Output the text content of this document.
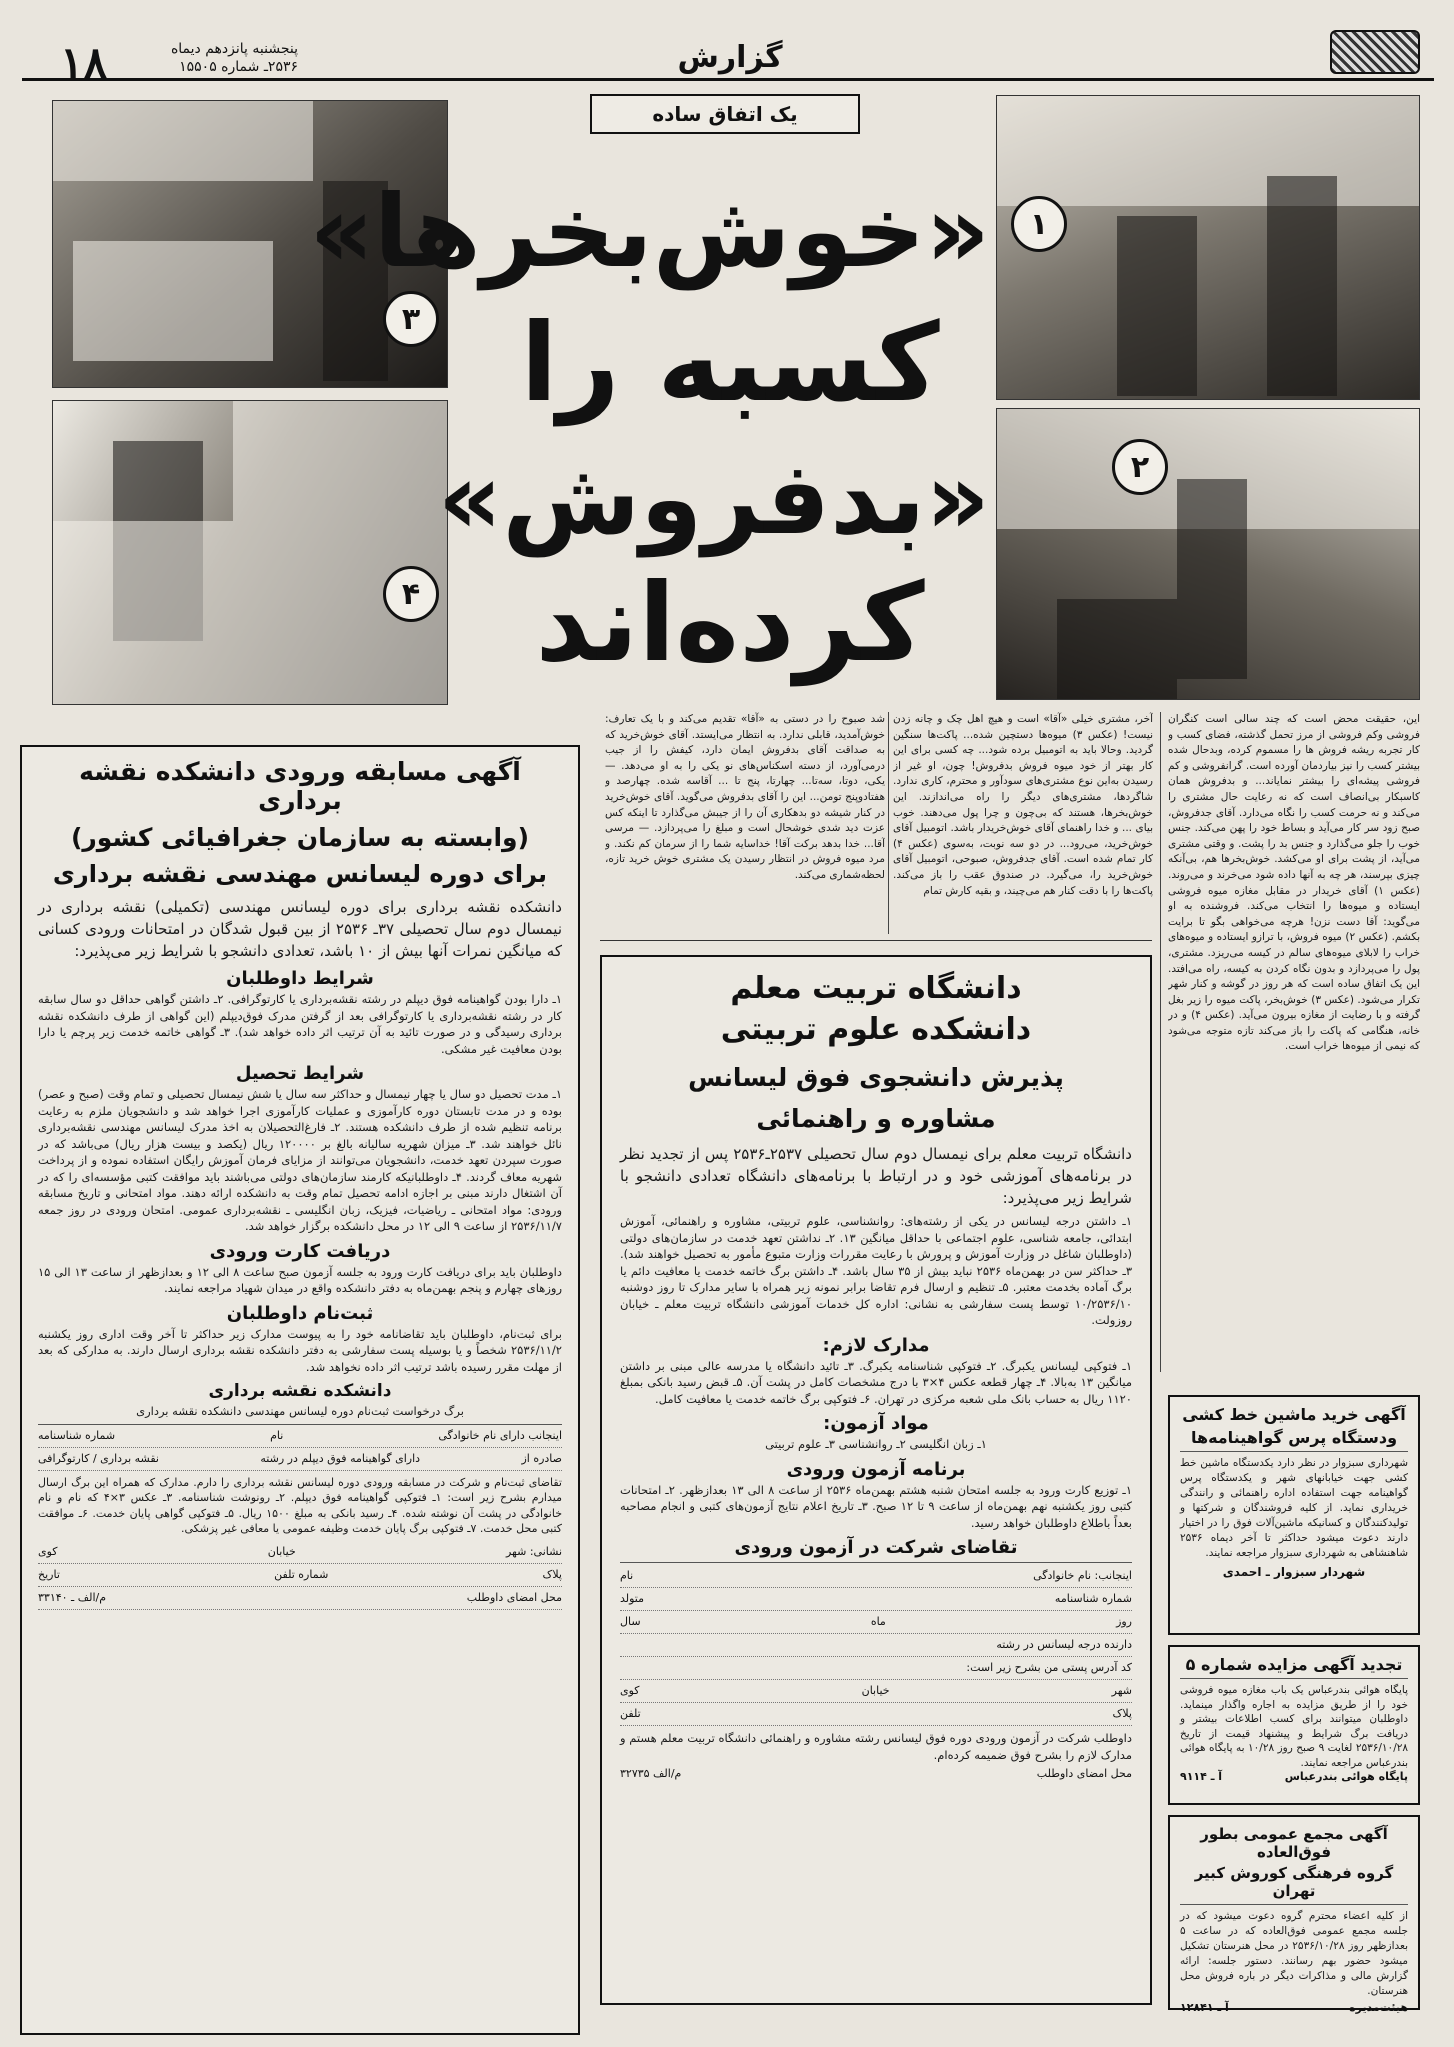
۱۸	پنجشنبه پانزدهم دیماه
۲۵۳۶ـ شماره ۱۵۵۰۵	گزارش
۱
۲
۳
۴
یک اتفاق ساده
«خوش‌بخرها»
کسبه را
«بدفروش»
کرده‌اند
این، حقیقت محض است که چند سالی است کنگران فروشی وکم فروشی از مرز تحمل گذشته، فضای کسب و کار تجربه ریشه فروش ها را مسموم کرده، وبدحال شده بیشتر کسب را نیز بیاردمان آورده است. گرانفروشی و کم فروشی پیشه‌ای را بیشتر نمایاند... و بدفروش همان کاسبکار بی‌انصاف است که نه رعایت حال مشتری را می‌کند و نه حرمت کسب را نگاه می‌دارد. آقای جدفروش، صبح زود سر کار می‌آید و بساط خود را پهن می‌کند. جنس خوب را جلو می‌گذارد و جنس بد را پشت. و وقتی مشتری می‌آید، از پشت برای او می‌کشد. خوش‌بخرها هم، بی‌آنکه چیزی بپرسند، هر چه به آنها داده شود می‌خرند و می‌روند. (عکس ۱) آقای خریدار در مقابل مغازه میوه فروشی ایستاده و میوه‌ها را انتخاب می‌کند. فروشنده به او می‌گوید: آقا دست نزن! هرچه می‌خواهی بگو تا برایت بکشم. (عکس ۲) میوه فروش، با ترازو ایستاده و میوه‌های خراب را لابلای میوه‌های سالم در کیسه می‌ریزد. مشتری، پول را می‌پردازد و بدون نگاه کردن به کیسه، راه می‌افتد. این یک اتفاق ساده است که هر روز در گوشه و کنار شهر تکرار می‌شود. (عکس ۳) خوش‌بخر، پاکت میوه را زیر بغل گرفته و با رضایت از مغازه بیرون می‌آید. (عکس ۴) و در خانه، هنگامی که پاکت را باز می‌کند تازه متوجه می‌شود که نیمی از میوه‌ها خراب است.
آخر، مشتری خیلی «آقا» است و هیچ اهل چک و چانه زدن نیست! (عکس ۳) میوه‌ها دستچین شده... پاکت‌ها سنگین گردید. وحالا باید به اتومبیل برده شود... چه کسی برای این کار بهتر از خود میوه فروش بدفروش! چون، او غیر از رسیدن به‌این نوع مشتری‌های سودآور و محترم، کاری ندارد. شاگردها، مشتری‌های دیگر را راه می‌اندازند. این خوش‌بخرها، هستند که بی‌چون و چرا پول می‌دهند. خوب بیای ... و خدا راهنمای آقای خوش‌خریدار باشد. اتومبیل آقای خوش‌خرید، می‌رود... در دو سه نوبت، به‌سوی (عکس ۴) کار تمام شده است. آقای جدفروش، صبوحی، اتومبیل آقای خوش‌خرید را، می‌گیرد. در صندوق عقب را باز می‌کند. پاکت‌ها را با دقت کنار هم می‌چیند، و بقیه کارش تمام
شد صبوح را در دستی به «آقا» تقدیم می‌کند و با یک تعارف: خوش‌آمدید، قابلی ندارد. به انتظار می‌ایستد. آقای خوش‌خرید که به صداقت آقای بدفروش ایمان دارد، کیفش را از جیب درمی‌آورد، از دسته اسکناس‌های نو یکی را به او می‌دهد. — یکی، دوتا، سه‌تا... چهارتا، پنج تا ... آقاسه شده. چهارصد و هفتادوپنج تومن... این را آقای بدفروش می‌گوید. آقای خوش‌خرید در کنار شیشه دو بدهکاری آن را از جیبش می‌گذارد تا اینکه کس عزت دید شدی خوشحال است و مبلغ را می‌پردازد. — مرسی آقا... خدا بدهد برکت آقا! خداسایه شما را از سرمان کم نکند. و مرد میوه فروش در انتظار رسیدن یک مشتری خوش خرید تازه، لحظه‌شماری می‌کند.
آگهی مسابقه ورودی دانشکده نقشه برداری
(وابسته به سازمان جغرافیائی کشور)
برای دوره لیسانس مهندسی نقشه برداری
دانشکده نقشه برداری برای دوره لیسانس مهندسی (تکمیلی) نقشه برداری در نیمسال دوم سال تحصیلی ۳۷ـ ۲۵۳۶ از بین قبول شدگان در امتحانات ورودی کسانی که میانگین نمرات آنها بیش از ۱۰ باشد، تعدادی دانشجو با شرایط زیر می‌پذیرد:
شرایط داوطلبان
۱ـ دارا بودن گواهینامه فوق دیپلم در رشته نقشه‌برداری یا کارتوگرافی. ۲ـ داشتن گواهی حداقل دو سال سابقه کار در رشته نقشه‌برداری یا کارتوگرافی بعد از گرفتن مدرک فوق‌دیپلم (این گواهی از طرف دانشکده نقشه برداری رسیدگی و در صورت تائید به آن ترتیب اثر داده خواهد شد). ۳ـ گواهی خاتمه خدمت زیر پرچم یا دارا بودن معافیت غیر مشکی.
شرایط تحصیل
۱ـ مدت تحصیل دو سال یا چهار نیمسال و حداکثر سه سال یا شش نیمسال تحصیلی و تمام وقت (صبح و عصر) بوده و در مدت تابستان دوره کارآموزی و عملیات کارآموزی اجرا خواهد شد و دانشجویان ملزم به رعایت برنامه تنظیم شده از طرف دانشکده هستند. ۲ـ فارغ‌التحصیلان به اخذ مدرک لیسانس مهندسی نقشه‌برداری نائل خواهند شد. ۳ـ میزان شهریه سالیانه بالغ بر ۱۲۰۰۰۰ ریال (یکصد و بیست هزار ریال) می‌باشد که در صورت سپردن تعهد خدمت، دانشجویان می‌توانند از مزایای فرمان آموزش رایگان استفاده نموده و از پرداخت شهریه معاف گردند. ۴ـ داوطلبانیکه کارمند سازمان‌های دولتی می‌باشند باید موافقت کتبی مؤسسه‌ای را که در آن اشتغال دارند مبنی بر اجازه ادامه تحصیل تمام وقت به دانشکده ارائه دهند. مواد امتحانی و تاریخ مسابقه ورودی: مواد امتحانی ـ ریاضیات، فیزیک، زبان انگلیسی ـ نقشه‌برداری عمومی. امتحان ورودی در روز جمعه ۲۵۳۶/۱۱/۷ از ساعت ۹ الی ۱۲ در محل دانشکده برگزار خواهد شد.
دریافت کارت ورودی
داوطلبان باید برای دریافت کارت ورود به جلسه آزمون صبح ساعت ۸ الی ۱۲ و بعدازظهر از ساعت ۱۳ الی ۱۵ روزهای چهارم و پنجم بهمن‌ماه به دفتر دانشکده واقع در میدان شهیاد مراجعه نمایند.
ثبت‌نام داوطلبان
برای ثبت‌نام، داوطلبان باید تقاضانامه خود را به پیوست مدارک زیر حداکثر تا آخر وقت اداری روز یکشنبه ۲۵۳۶/۱۱/۲ شخصاً و یا بوسیله پست سفارشی به دفتر دانشکده نقشه برداری ارسال دارند. به مدارکی که بعد از مهلت مقرر رسیده باشد ترتیب اثر داده نخواهد شد.
دانشکده نقشه برداری
برگ درخواست ثبت‌نام دوره لیسانس مهندسی دانشکده نقشه برداری
اینجانب دارای نام خانوادگی
نام
شماره شناسنامه
صادره از
دارای گواهینامه فوق دیپلم در رشته
نقشه برداری / کارتوگرافی
تقاضای ثبت‌نام و شرکت در مسابقه ورودی دوره لیسانس نقشه برداری را دارم. مدارک که همراه این برگ ارسال میدارم بشرح زیر است: ۱ـ فتوکپی گواهینامه فوق دیپلم. ۲ـ رونوشت شناسنامه. ۳ـ عکس ۳×۴ که نام و نام خانوادگی در پشت آن نوشته شده. ۴ـ رسید بانکی به مبلغ ۱۵۰۰ ریال. ۵ـ فتوکپی گواهی پایان خدمت. ۶ـ موافقت کتبی محل خدمت. ۷ـ فتوکپی برگ پایان خدمت وظیفه عمومی یا معافی غیر پزشکی.
نشانی: شهر
خیابان
کوی
پلاک
شماره تلفن
تاریخ
محل امضای داوطلب
م/الف ـ ۳۳۱۴۰
دانشگاه تربیت معلم
دانشکده علوم تربیتی
پذیرش دانشجوی فوق لیسانس
مشاوره و راهنمائی
دانشگاه تربیت معلم برای نیمسال دوم سال تحصیلی ۲۵۳۷ـ۲۵۳۶ پس از تجدید نظر در برنامه‌های آموزشی خود و در ارتباط با برنامه‌های دانشگاه تعدادی دانشجو با شرایط زیر می‌پذیرد:
۱ـ داشتن درجه لیسانس در یکی از رشته‌های: روانشناسی، علوم تربیتی، مشاوره و راهنمائی، آموزش ابتدائی، جامعه شناسی، علوم اجتماعی با حداقل میانگین ۱۳. ۲ـ نداشتن تعهد خدمت در سازمان‌های دولتی (داوطلبان شاغل در وزارت آموزش و پرورش با رعایت مقررات وزارت متبوع مأمور به تحصیل خواهند شد). ۳ـ حداکثر سن در بهمن‌ماه ۲۵۳۶ نباید بیش از ۳۵ سال باشد. ۴ـ داشتن برگ خاتمه خدمت یا معافیت دائم یا برگ آماده بخدمت معتبر. ۵ـ تنظیم و ارسال فرم تقاضا برابر نمونه زیر همراه با سایر مدارک تا روز دوشنبه ۱۰/۲۵۳۶/۱۰ توسط پست سفارشی به نشانی: اداره کل خدمات آموزشی دانشگاه تربیت معلم ـ خیابان روزولت.
مدارک لازم:
۱ـ فتوکپی لیسانس یکبرگ. ۲ـ فتوکپی شناسنامه یکبرگ. ۳ـ تائید دانشگاه یا مدرسه عالی مبنی بر داشتن میانگین ۱۳ به‌بالا. ۴ـ چهار قطعه عکس ۴×۳ با درج مشخصات کامل در پشت آن. ۵ـ قبض رسید بانکی بمبلغ ۱۱۲۰ ریال به حساب بانک ملی شعبه مرکزی در تهران. ۶ـ فتوکپی برگ خاتمه خدمت یا معافیت کامل.
مواد آزمون:
۱ـ زبان انگلیسی ۲ـ روانشناسی ۳ـ علوم تربیتی
برنامه آزمون ورودی
۱ـ توزیع کارت ورود به جلسه امتحان شنبه هشتم بهمن‌ماه ۲۵۳۶ از ساعت ۸ الی ۱۳ بعدازظهر. ۲ـ امتحانات کتبی روز یکشنبه نهم بهمن‌ماه از ساعت ۹ تا ۱۲ صبح. ۳ـ تاریخ اعلام نتایج آزمون‌های کتبی و انجام مصاحبه بعداً باطلاع داوطلبان خواهد رسید.
تقاضای شرکت در آزمون ورودی
اینجانب: نام خانوادگی
نام
شماره شناسنامه
متولد
روز
ماه
سال
دارنده درجه لیسانس در رشته
کد آدرس پستی من بشرح زیر است:
شهر
خیابان
کوی
پلاک
تلفن
داوطلب شرکت در آزمون ورودی دوره فوق لیسانس رشته مشاوره و راهنمائی دانشگاه تربیت معلم هستم و مدارک لازم را بشرح فوق ضمیمه کرده‌ام.
محل امضای داوطلب
م/الف ۳۲۷۳۵
آگهی خرید ماشین خط کشی
ودستگاه پرس گواهینامه‌ها
شهرداری سبزوار در نظر دارد یکدستگاه ماشین خط کشی جهت خیابانهای شهر و یکدستگاه پرس گواهینامه جهت استفاده اداره راهنمائی و رانندگی خریداری نماید. از کلیه فروشندگان و شرکتها و تولیدکنندگان و کسانیکه ماشین‌آلات فوق را در اختیار دارند دعوت میشود حداکثر تا آخر دیماه ۲۵۳۶ شاهنشاهی به شهرداری سبزوار مراجعه نمایند.
شهردار سبزوار ـ احمدی
تجدید آگهی مزایده شماره ۵
پایگاه هوائی بندرعباس یک باب مغازه میوه فروشی خود را از طریق مزایده به اجاره واگذار مینماید. داوطلبان میتوانند برای کسب اطلاعات بیشتر و دریافت برگ شرایط و پیشنهاد قیمت از تاریخ ۲۵۳۶/۱۰/۲۸ لغایت ۹ صبح روز ۱۰/۲۸ به پایگاه هوائی بندرعباس مراجعه نمایند.
پایگاه هوائی بندرعباس
آ ـ ۹۱۱۴
آگهی مجمع عمومی بطور فوق‌العاده
گروه فرهنگی کوروش کبیر تهران
از کلیه اعضاء محترم گروه دعوت میشود که در جلسه مجمع عمومی فوق‌العاده که در ساعت ۵ بعدازظهر روز ۲۵۳۶/۱۰/۲۸ در محل هنرستان تشکیل میشود حضور بهم رسانند. دستور جلسه: ارائه گزارش مالی و مذاکرات دیگر در باره فروش محل هنرستان.
هیئت‌مدیره
آ ـ ۱۲۸۴۱
